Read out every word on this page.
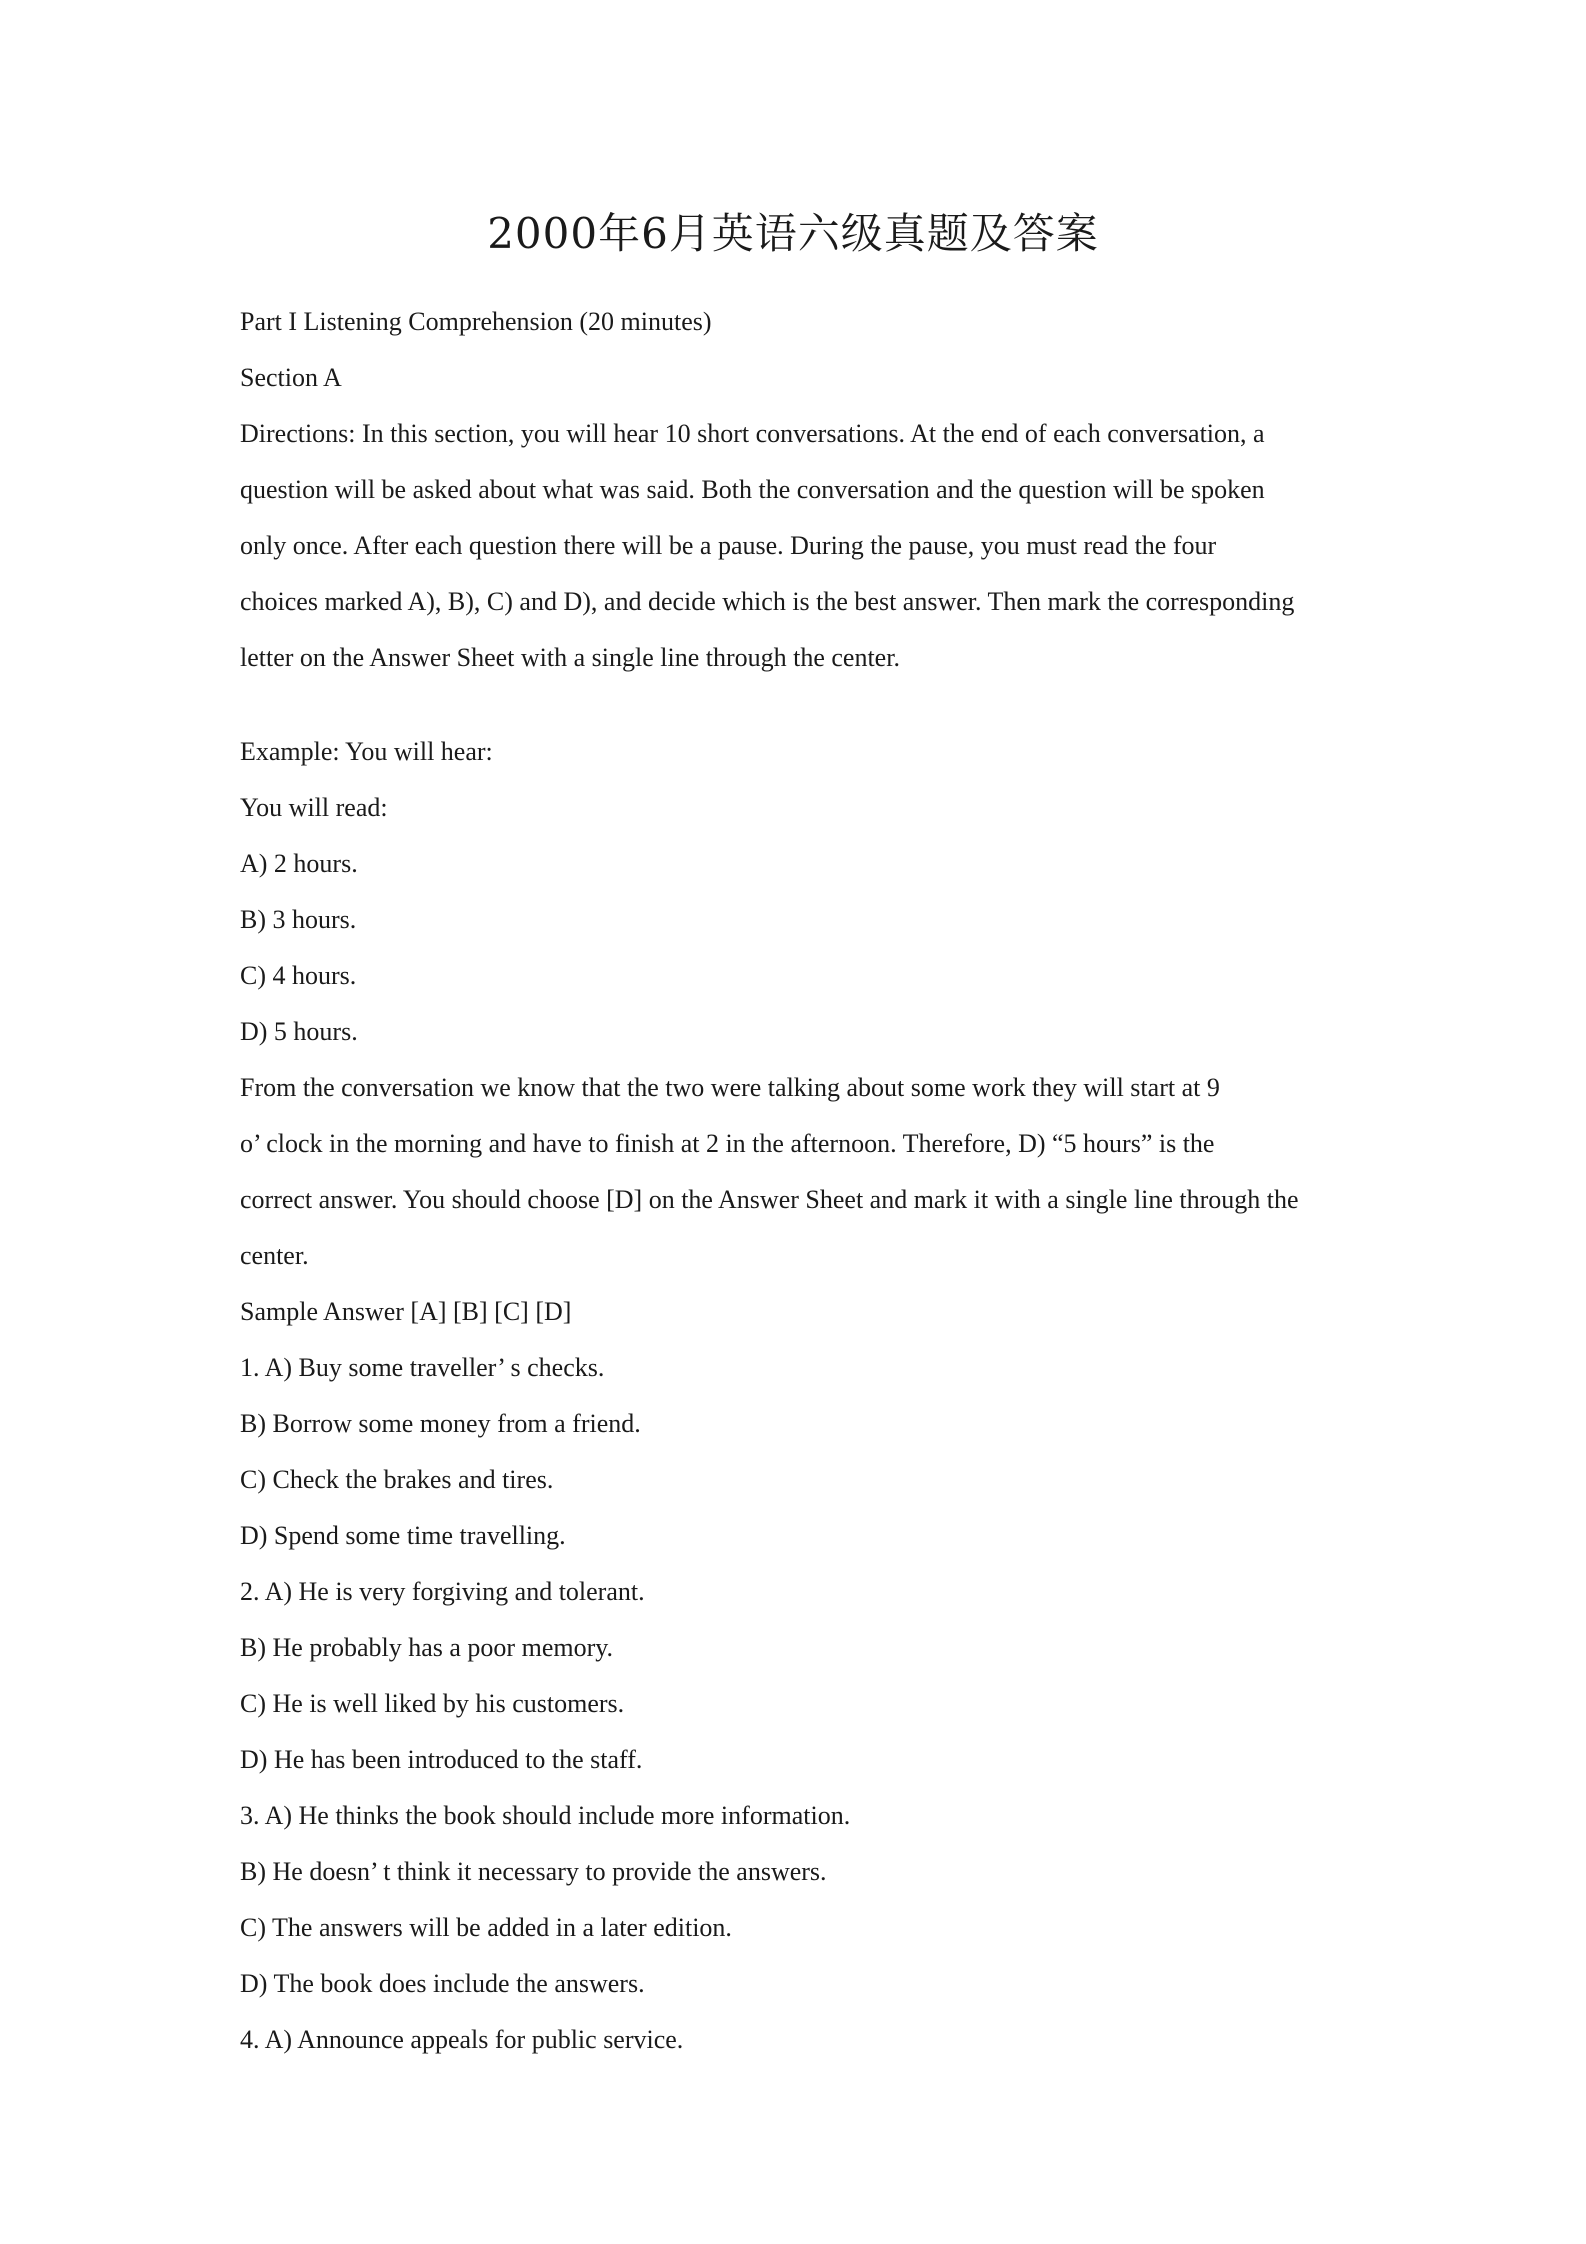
2000年6月英语六级真题及答案
Part I Listening Comprehension (20 minutes)
Section A
Directions: In this section, you will hear 10 short conversations. At the end of each conversation, a
question will be asked about what was said. Both the conversation and the question will be spoken
only once. After each question there will be a pause. During the pause, you must read the four
choices marked A), B), C) and D), and decide which is the best answer. Then mark the corresponding
letter on the Answer Sheet with a single line through the center.
Example: You will hear:
You will read:
A) 2 hours.
B) 3 hours.
C) 4 hours.
D) 5 hours.
From the conversation we know that the two were talking about some work they will start at 9
o’ clock in the morning and have to finish at 2 in the afternoon. Therefore, D) “5 hours” is the
correct answer. You should choose [D] on the Answer Sheet and mark it with a single line through the
center.
Sample Answer [A] [B] [C] [D]
1. A) Buy some traveller’ s checks.
B) Borrow some money from a friend.
C) Check the brakes and tires.
D) Spend some time travelling.
2. A) He is very forgiving and tolerant.
B) He probably has a poor memory.
C) He is well liked by his customers.
D) He has been introduced to the staff.
3. A) He thinks the book should include more information.
B) He doesn’ t think it necessary to provide the answers.
C) The answers will be added in a later edition.
D) The book does include the answers.
4. A) Announce appeals for public service.
